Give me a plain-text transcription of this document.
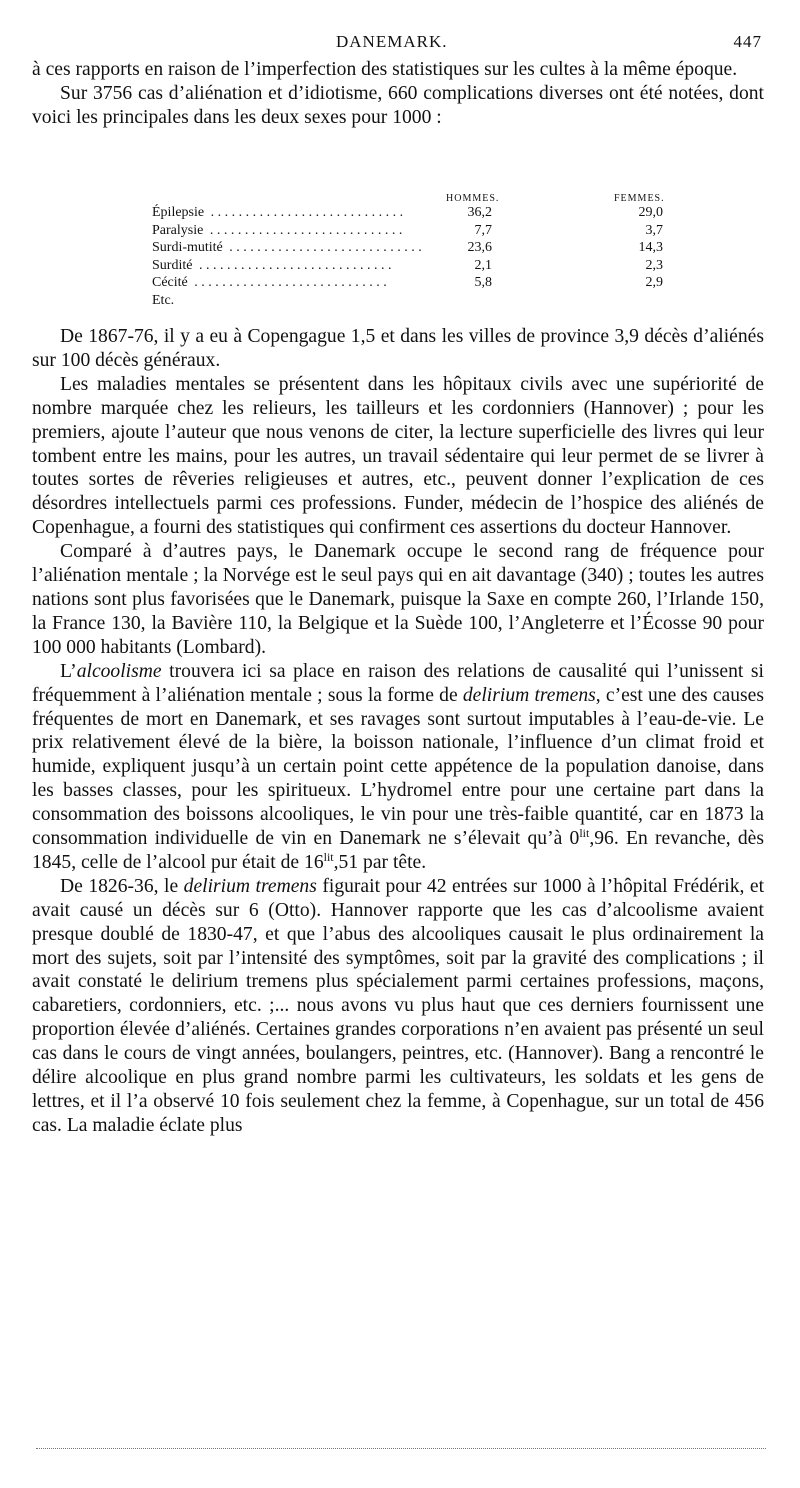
DANEMARK.	447

à ces rapports en raison de l’imperfection des statistiques sur les cultes à la même époque.

Sur 3756 cas d’aliénation et d’idiotisme, 660 complications diverses ont été notées, dont voici les principales dans les deux sexes pour 1000 :

HOMMES.	FEMMES.
Épilepsie . . . . . . . . . . . . . . . . . . . . . . . . . . . .	36,2	29,0
Paralysie . . . . . . . . . . . . . . . . . . . . . . . . . . . .	7,7	3,7
Surdi-mutité . . . . . . . . . . . . . . . . . . . . . . . . . . . .	23,6	14,3
Surdité . . . . . . . . . . . . . . . . . . . . . . . . . . . .	2,1	2,3
Cécité . . . . . . . . . . . . . . . . . . . . . . . . . . . .	5,8	2,9
Etc.

De 1867-76, il y a eu à Copengague 1,5 et dans les villes de province 3,9 décès d’aliénés sur 100 décès généraux.

Les maladies mentales se présentent dans les hôpitaux civils avec une supériorité de nombre marquée chez les relieurs, les tailleurs et les cordonniers (Hannover) ; pour les premiers, ajoute l’auteur que nous venons de citer, la lecture superficielle des livres qui leur tombent entre les mains, pour les autres, un travail sédentaire qui leur permet de se livrer à toutes sortes de rêveries religieuses et autres, etc., peuvent donner l’explication de ces désordres intellectuels parmi ces professions. Funder, médecin de l’hospice des aliénés de Copenhague, a fourni des statistiques qui confirment ces assertions du docteur Hannover.

Comparé à d’autres pays, le Danemark occupe le second rang de fréquence pour l’aliénation mentale ; la Norvége est le seul pays qui en ait davantage (340) ; toutes les autres nations sont plus favorisées que le Danemark, puisque la Saxe en compte 260, l’Irlande 150, la France 130, la Bavière 110, la Belgique et la Suède 100, l’Angleterre et l’Écosse 90 pour 100 000 habitants (Lombard).

L’alcoolisme trouvera ici sa place en raison des relations de causalité qui l’unissent si fréquemment à l’aliénation mentale ; sous la forme de delirium tremens, c’est une des causes fréquentes de mort en Danemark, et ses ravages sont surtout imputables à l’eau-de-vie. Le prix relativement élevé de la bière, la boisson nationale, l’influence d’un climat froid et humide, expliquent jusqu’à un certain point cette appétence de la population danoise, dans les basses classes, pour les spiritueux. L’hydromel entre pour une certaine part dans la consommation des boissons alcooliques, le vin pour une très-faible quantité, car en 1873 la consommation individuelle de vin en Danemark ne s’élevait qu’à $0^{lit},96$. En revanche, dès 1845, celle de l’alcool pur était de $16^{lit},51$ par tête.

De 1826-36, le delirium tremens figurait pour 42 entrées sur 1000 à l’hôpital Frédérik, et avait causé un décès sur 6 (Otto). Hannover rapporte que les cas d’alcoolisme avaient presque doublé de 1830-47, et que l’abus des alcooliques causait le plus ordinairement la mort des sujets, soit par l’intensité des symptômes, soit par la gravité des complications ; il avait constaté le delirium tremens plus spécialement parmi certaines professions, maçons, cabaretiers, cordonniers, etc. ;... nous avons vu plus haut que ces derniers fournissent une proportion élevée d’aliénés. Certaines grandes corporations n’en avaient pas présenté un seul cas dans le cours de vingt années, boulangers, peintres, etc. (Hannover). Bang a rencontré le délire alcoolique en plus grand nombre parmi les cultivateurs, les soldats et les gens de lettres, et il l’a observé 10 fois seulement chez la femme, à Copenhague, sur un total de 456 cas. La maladie éclate plus
